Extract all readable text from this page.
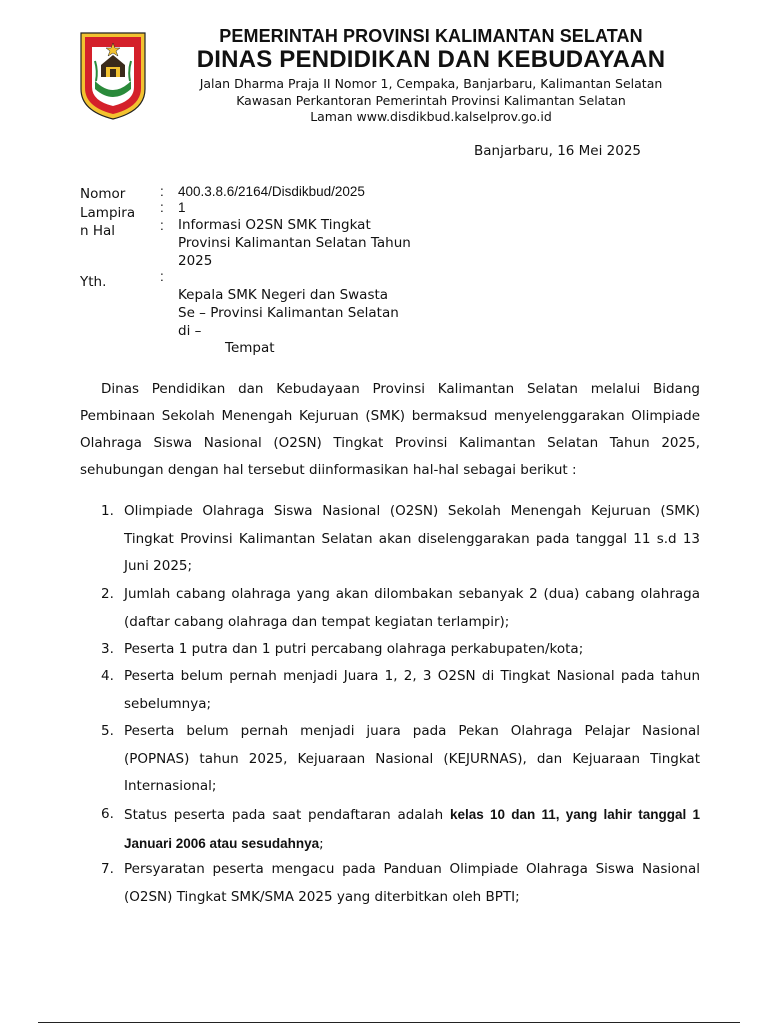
PEMERINTAH PROVINSI KALIMANTAN SELATAN
DINAS PENDIDIKAN DAN KEBUDAYAAN
Jalan Dharma Praja II Nomor 1, Cempaka, Banjarbaru, Kalimantan Selatan
Kawasan Perkantoran Pemerintah Provinsi Kalimantan Selatan
Laman www.disdikbud.kalselprov.go.id
Banjarbaru, 16 Mei 2025
Nomor
Lampira
n Hal
Yth.
:
:
:
:
400.3.8.6/2164/Disdikbud/2025
1
Informasi O2SN SMK Tingkat
Provinsi Kalimantan Selatan Tahun
2025
Kepala SMK Negeri dan Swasta
Se – Provinsi Kalimantan Selatan
di –
Tempat
Dinas Pendidikan dan Kebudayaan Provinsi Kalimantan Selatan melalui Bidang Pembinaan Sekolah Menengah Kejuruan (SMK) bermaksud menyelenggarakan Olimpiade Olahraga Siswa Nasional (O2SN) Tingkat Provinsi Kalimantan Selatan Tahun 2025, sehubungan dengan hal tersebut diinformasikan hal-hal sebagai berikut :
1. Olimpiade Olahraga Siswa Nasional (O2SN) Sekolah Menengah Kejuruan (SMK) Tingkat Provinsi Kalimantan Selatan akan diselenggarakan pada tanggal 11 s.d 13 Juni 2025;
2. Jumlah cabang olahraga yang akan dilombakan sebanyak 2 (dua) cabang olahraga (daftar cabang olahraga dan tempat kegiatan terlampir);
3. Peserta 1 putra dan 1 putri percabang olahraga perkabupaten/kota;
4. Peserta belum pernah menjadi Juara 1, 2, 3 O2SN di Tingkat Nasional pada tahun sebelumnya;
5. Peserta belum pernah menjadi juara pada Pekan Olahraga Pelajar Nasional (POPNAS) tahun 2025, Kejuaraan Nasional (KEJURNAS), dan Kejuaraan Tingkat Internasional;
6. Status peserta pada saat pendaftaran adalah kelas 10 dan 11, yang lahir tanggal 1 Januari 2006 atau sesudahnya;
7. Persyaratan peserta mengacu pada Panduan Olimpiade Olahraga Siswa Nasional (O2SN) Tingkat SMK/SMA 2025 yang diterbitkan oleh BPTI;
